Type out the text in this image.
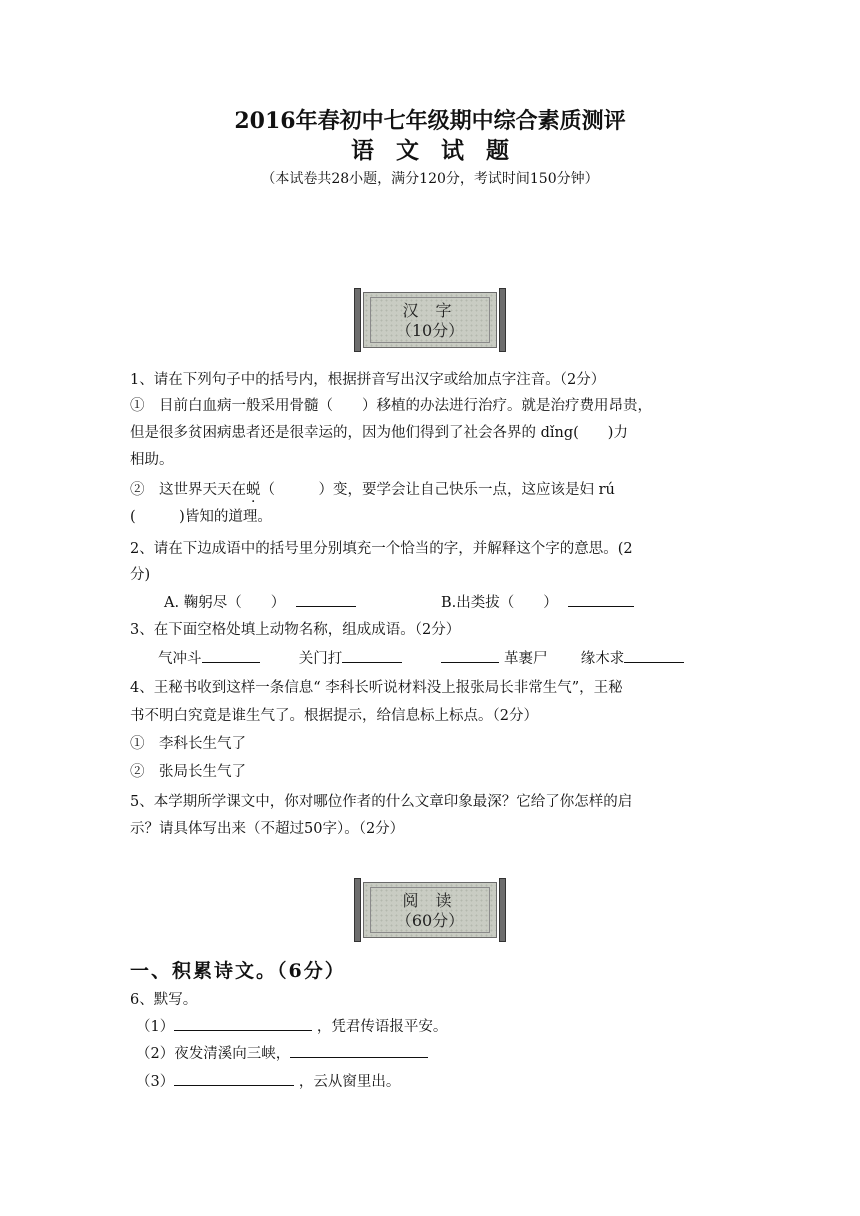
2016年春初中七年级期中综合素质测评
语文试题
（本试卷共28小题，满分120分，考试时间150分钟）
汉 字
（10分）
1、请在下列句子中的括号内，根据拼音写出汉字或给加点字注音。（2分）
①　目前白血病一般采用骨髓（　　）移植的办法进行治疗。就是治疗费用昂贵，
但是很多贫困病患者还是很幸运的，因为他们得到了社会各界的 dǐng(　　)力
相助。
②　这世界天天在蜕（　　　）变，要学会让自己快乐一点，这应该是妇 rú
(　　　)皆知的道理。
2、请在下边成语中的括号里分别填充一个恰当的字，并解释这个字的意思。(2
分)
A. 鞠躬尽（　　）	B.出类拔（　　）
3、在下面空格处填上动物名称，组成成语。（2分）
气冲斗	关门打	革裹尸 缘木求
4、王秘书收到这样一条信息“ 李科长听说材料没上报张局长非常生气”，王秘
书不明白究竟是谁生气了。根据提示，给信息标上标点。（2分）
①　李科长生气了
②　张局长生气了
5、本学期所学课文中，你对哪位作者的什么文章印象最深？它给了你怎样的启
示？请具体写出来（不超过50字）。（2分）
阅 读
（60分）
一、积累诗文。（6分）
6、默写。
（1）	，凭君传语报平安。
（2）夜发清溪向三峡，
（3）	，云从窗里出。
